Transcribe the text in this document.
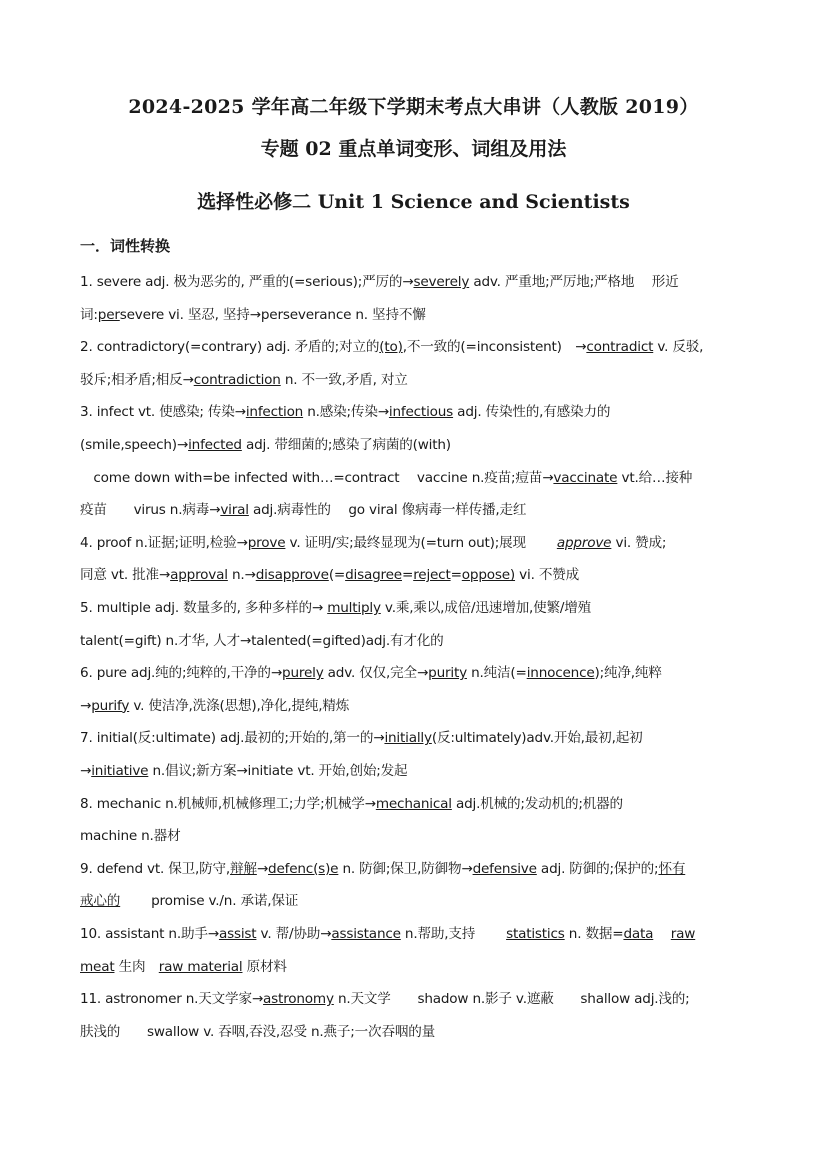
2024-2025 学年高二年级下学期末考点大串讲（人教版 2019）
专题 02 重点单词变形、词组及用法
选择性必修二 Unit 1 Science and Scientists
一．词性转换
1. severe adj. 极为恶劣的, 严重的(=serious);严厉的→severely adv. 严重地;严厉地;严格地　 形近
词:persevere vi. 坚忍, 坚持→perseverance n. 坚持不懈
2. contradictory(=contrary) adj. 矛盾的;对立的(to),不一致的(=inconsistent)　→contradict v. 反驳,
驳斥;相矛盾;相反→contradiction n. 不一致,矛盾, 对立
3. infect vt. 使感染; 传染→infection n.感染;传染→infectious adj. 传染性的,有感染力的
(smile,speech)→infected adj. 带细菌的;感染了病菌的(with)
　come down with=be infected with…=contract　 vaccine n.疫苗;痘苗→vaccinate vt.给…接种
疫苗　　virus n.病毒→viral adj.病毒性的　 go viral 像病毒一样传播,走红
4. proof n.证据;证明,检验→prove v. 证明/实;最终显现为(=turn out);展现　　 approve vi. 赞成;
同意 vt. 批准→approval n.→disapprove(=disagree=reject=oppose) vi. 不赞成
5. multiple adj. 数量多的, 多种多样的→ multiply v.乘,乘以,成倍/迅速增加,使繁/增殖
talent(=gift) n.才华, 人才→talented(=gifted)adj.有才化的
6. pure adj.纯的;纯粹的,干净的→purely adv. 仅仅,完全→purity n.纯洁(=innocence);纯净,纯粹
→purify v. 使洁净,洗涤(思想),净化,提纯,精炼
7. initial(反:ultimate) adj.最初的;开始的,第一的→initially(反:ultimately)adv.开始,最初,起初
→initiative n.倡议;新方案→initiate vt. 开始,创始;发起
8. mechanic n.机械师,机械修理工;力学;机械学→mechanical adj.机械的;发动机的;机器的
machine n.器材
9. defend vt. 保卫,防守,辩解→defenc(s)e n. 防御;保卫,防御物→defensive adj. 防御的;保护的;怀有
戒心的　　 promise v./n. 承诺,保证
10. assistant n.助手→assist v. 帮/协助→assistance n.帮助,支持　　 statistics n. 数据=data　 raw
meat 生肉　raw material 原材料
11. astronomer n.天文学家→astronomy n.天文学　　shadow n.影子 v.遮蔽　　shallow adj.浅的;
肤浅的　　swallow v. 吞咽,吞没,忍受 n.燕子;一次吞咽的量
